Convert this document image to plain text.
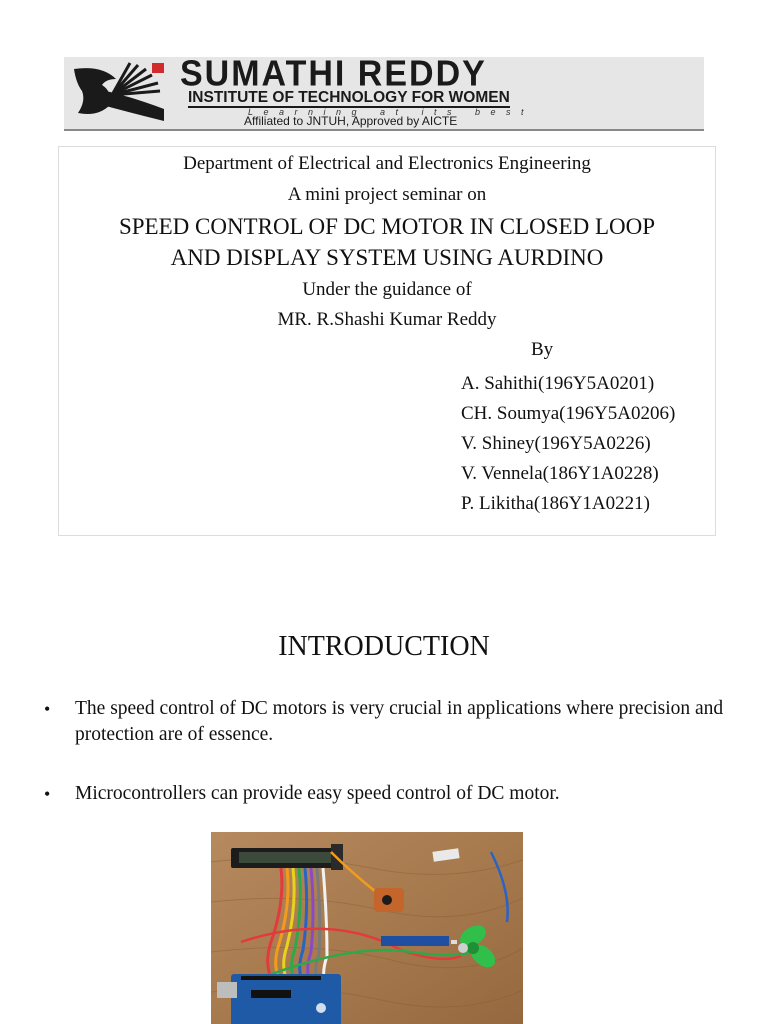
SUMATHI REDDY
INSTITUTE OF TECHNOLOGY FOR WOMEN
Learning at its best
Affiliated to JNTUH, Approved by AICTE
Department of Electrical and Electronics Engineering
A mini project seminar on
SPEED CONTROL OF DC MOTOR IN CLOSED LOOP
AND DISPLAY SYSTEM USING AURDINO
Under the guidance of
MR. R.Shashi Kumar Reddy
By
A. Sahithi(196Y5A0201)
CH. Soumya(196Y5A0206)
V. Shiney(196Y5A0226)
V. Vennela(186Y1A0228)
P. Likitha(186Y1A0221)
INTRODUCTION
• The speed control of DC motors is very crucial in applications where precision and protection are of essence.
• Microcontrollers can provide easy speed control of DC motor.
